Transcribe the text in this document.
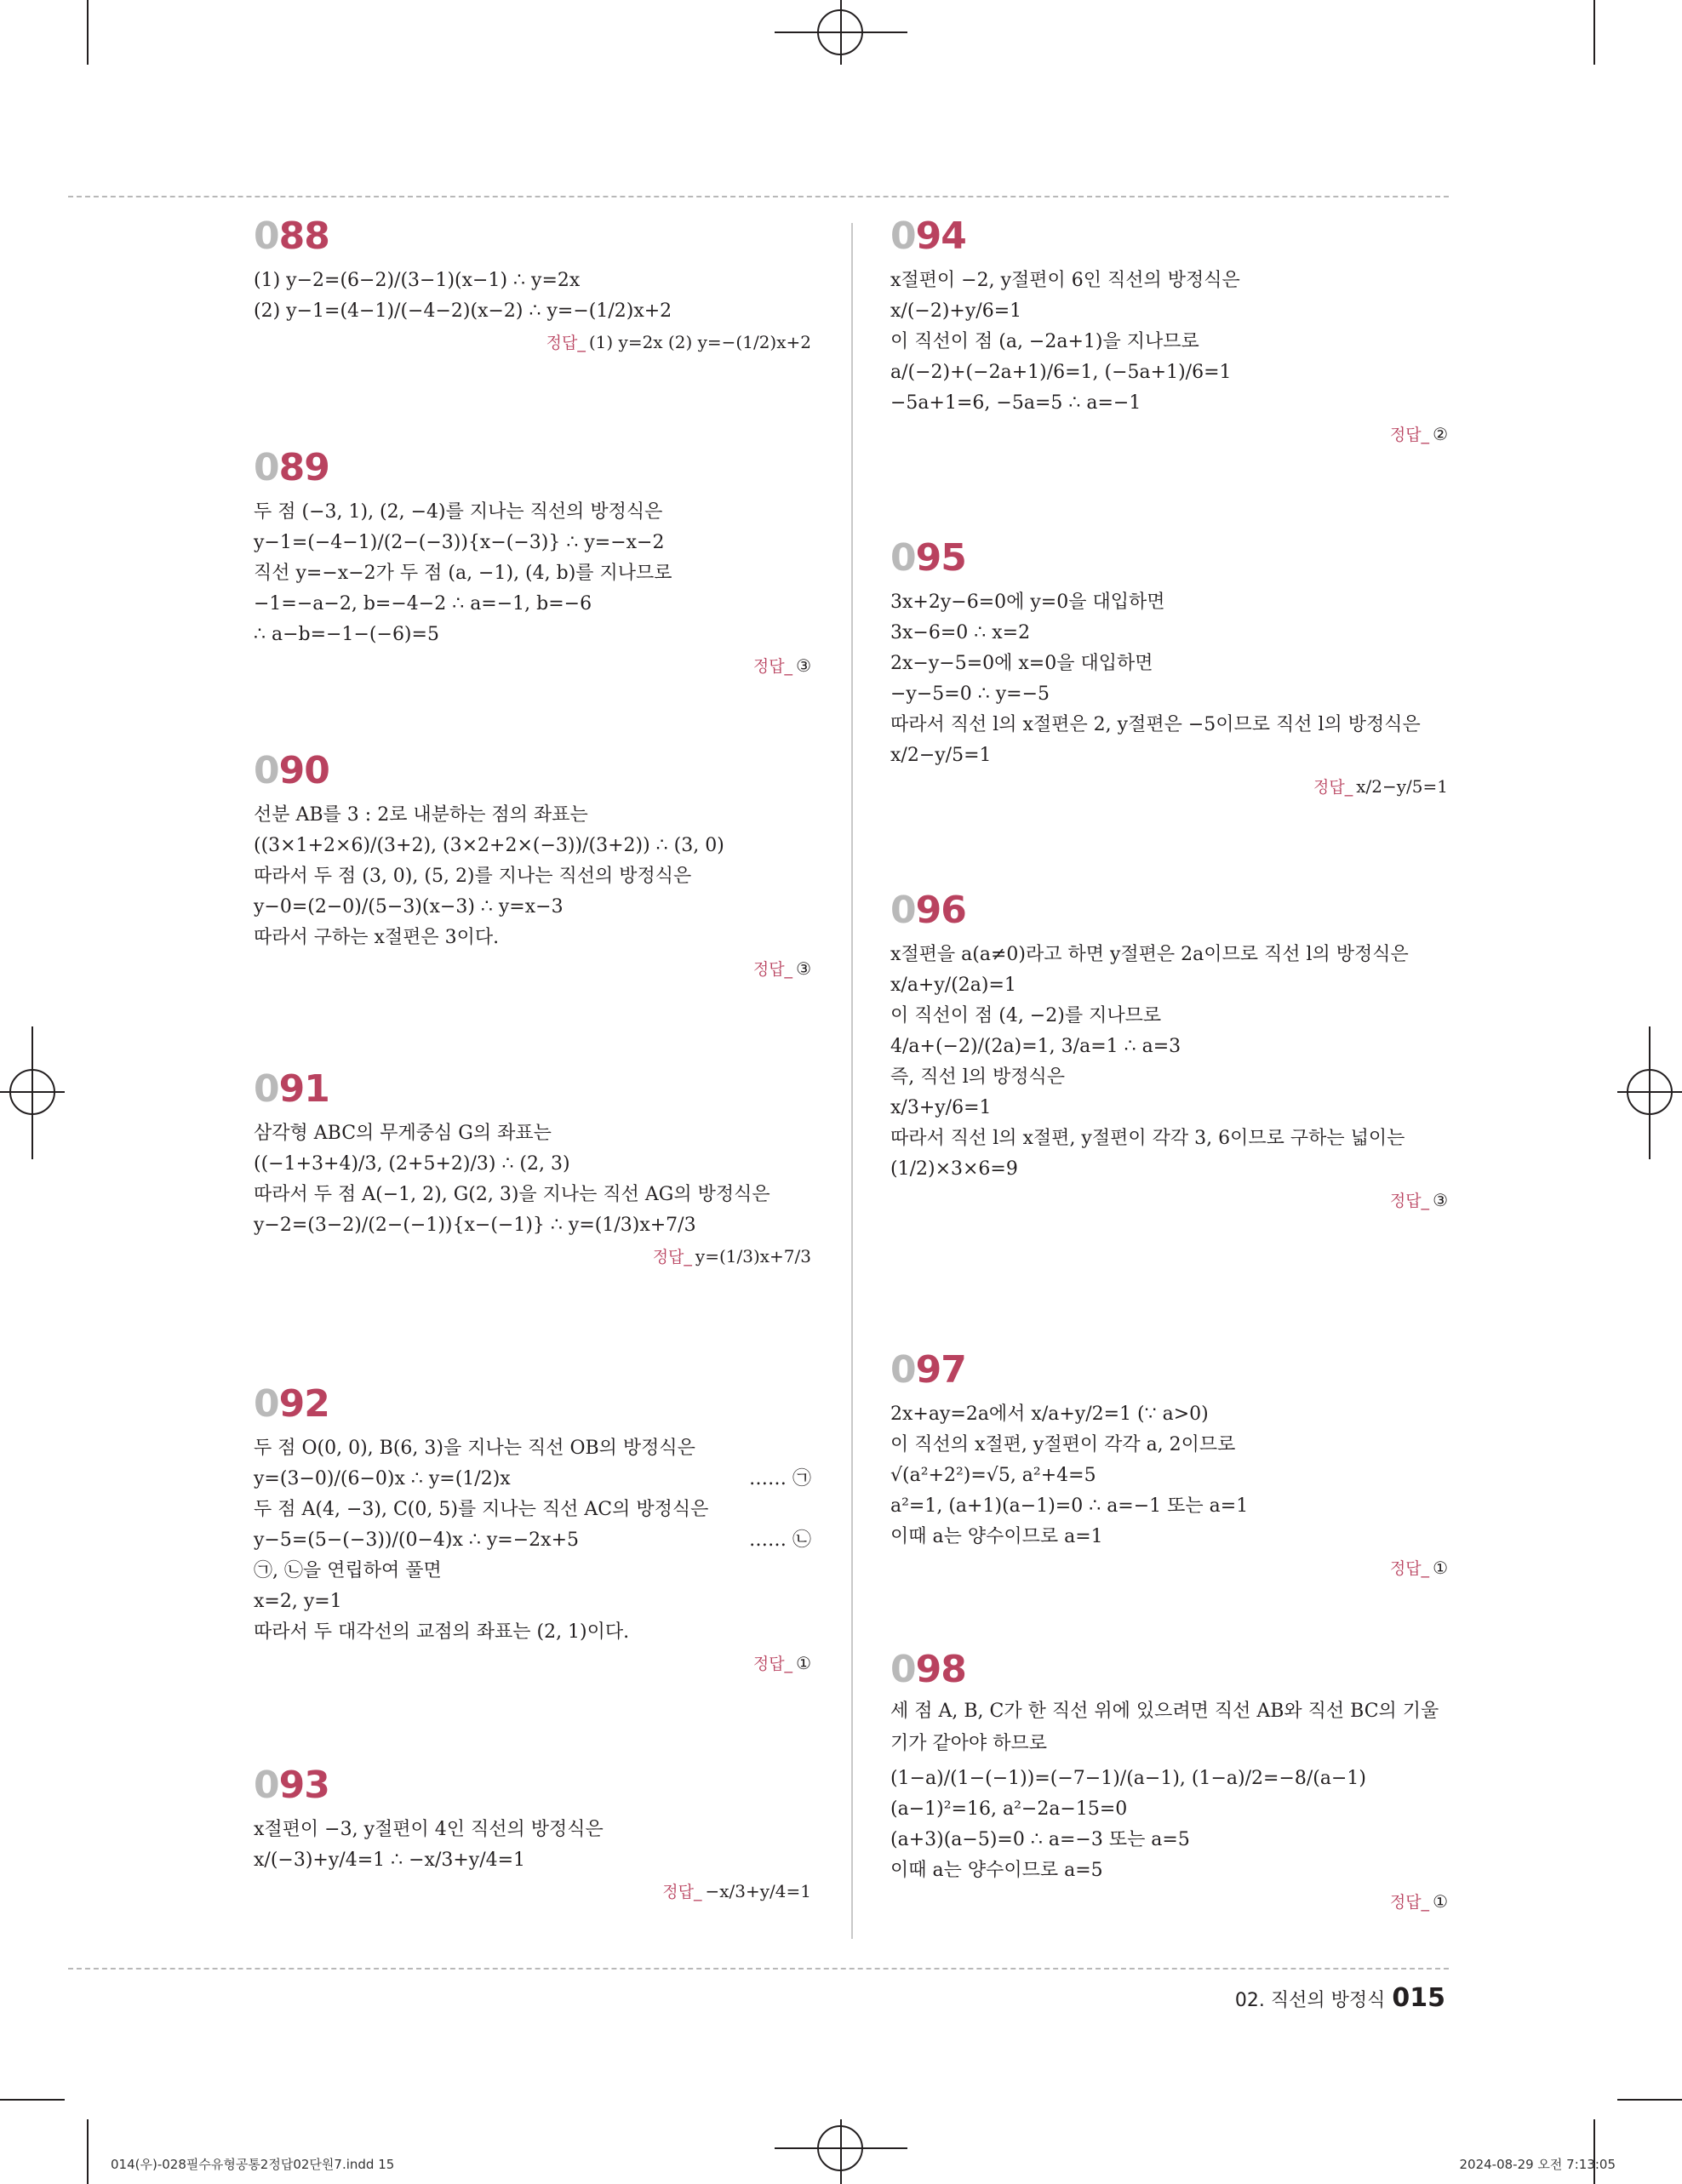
088
(1) y−2=(6−2)/(3−1)(x−1) ∴ y=2x
(2) y−1=(4−1)/(−4−2)(x−2) ∴ y=−(1/2)x+2
정답_ (1) y=2x (2) y=−(1/2)x+2
089
두 점 (−3, 1), (2, −4)를 지나는 직선의 방정식은
y−1=(−4−1)/(2−(−3)){x−(−3)} ∴ y=−x−2
직선 y=−x−2가 두 점 (a, −1), (4, b)를 지나므로
−1=−a−2, b=−4−2 ∴ a=−1, b=−6
∴ a−b=−1−(−6)=5
정답_ ③
090
선분 AB를 3 : 2로 내분하는 점의 좌표는
((3×1+2×6)/(3+2), (3×2+2×(−3))/(3+2)) ∴ (3, 0)
따라서 두 점 (3, 0), (5, 2)를 지나는 직선의 방정식은
y−0=(2−0)/(5−3)(x−3) ∴ y=x−3
따라서 구하는 x절편은 3이다.
정답_ ③
091
삼각형 ABC의 무게중심 G의 좌표는
((−1+3+4)/3, (2+5+2)/3) ∴ (2, 3)
따라서 두 점 A(−1, 2), G(2, 3)을 지나는 직선 AG의 방정식은
y−2=(3−2)/(2−(−1)){x−(−1)} ∴ y=(1/3)x+7/3
정답_ y=(1/3)x+7/3
092
두 점 O(0, 0), B(6, 3)을 지나는 직선 OB의 방정식은
y=(3−0)/(6−0)x ∴ y=(1/2)x	…… ㉠
두 점 A(4, −3), C(0, 5)를 지나는 직선 AC의 방정식은
y−5=(5−(−3))/(0−4)x ∴ y=−2x+5	…… ㉡
㉠, ㉡을 연립하여 풀면
x=2, y=1
따라서 두 대각선의 교점의 좌표는 (2, 1)이다.
정답_ ①
093
x절편이 −3, y절편이 4인 직선의 방정식은
x/(−3)+y/4=1 ∴ −x/3+y/4=1
정답_ −x/3+y/4=1
094
x절편이 −2, y절편이 6인 직선의 방정식은
x/(−2)+y/6=1
이 직선이 점 (a, −2a+1)을 지나므로
a/(−2)+(−2a+1)/6=1, (−5a+1)/6=1
−5a+1=6, −5a=5 ∴ a=−1
정답_ ②
095
3x+2y−6=0에 y=0을 대입하면
3x−6=0 ∴ x=2
2x−y−5=0에 x=0을 대입하면
−y−5=0 ∴ y=−5
따라서 직선 l의 x절편은 2, y절편은 −5이므로 직선 l의 방정식은
x/2−y/5=1
정답_ x/2−y/5=1
096
x절편을 a(a≠0)라고 하면 y절편은 2a이므로 직선 l의 방정식은
x/a+y/(2a)=1
이 직선이 점 (4, −2)를 지나므로
4/a+(−2)/(2a)=1, 3/a=1 ∴ a=3
즉, 직선 l의 방정식은
x/3+y/6=1
따라서 직선 l의 x절편, y절편이 각각 3, 6이므로 구하는 넓이는
(1/2)×3×6=9
정답_ ③
097
2x+ay=2a에서 x/a+y/2=1 (∵ a>0)
이 직선의 x절편, y절편이 각각 a, 2이므로
√(a²+2²)=√5, a²+4=5
a²=1, (a+1)(a−1)=0 ∴ a=−1 또는 a=1
이때 a는 양수이므로 a=1
정답_ ①
098
세 점 A, B, C가 한 직선 위에 있으려면 직선 AB와 직선 BC의 기울기가 같아야 하므로
(1−a)/(1−(−1))=(−7−1)/(a−1), (1−a)/2=−8/(a−1)
(a−1)²=16, a²−2a−15=0
(a+3)(a−5)=0 ∴ a=−3 또는 a=5
이때 a는 양수이므로 a=5
정답_ ①
02. 직선의 방정식 015
014(우)-028필수유형공통2정답02단원7.indd 15	2024-08-29 오전 7:13:05
